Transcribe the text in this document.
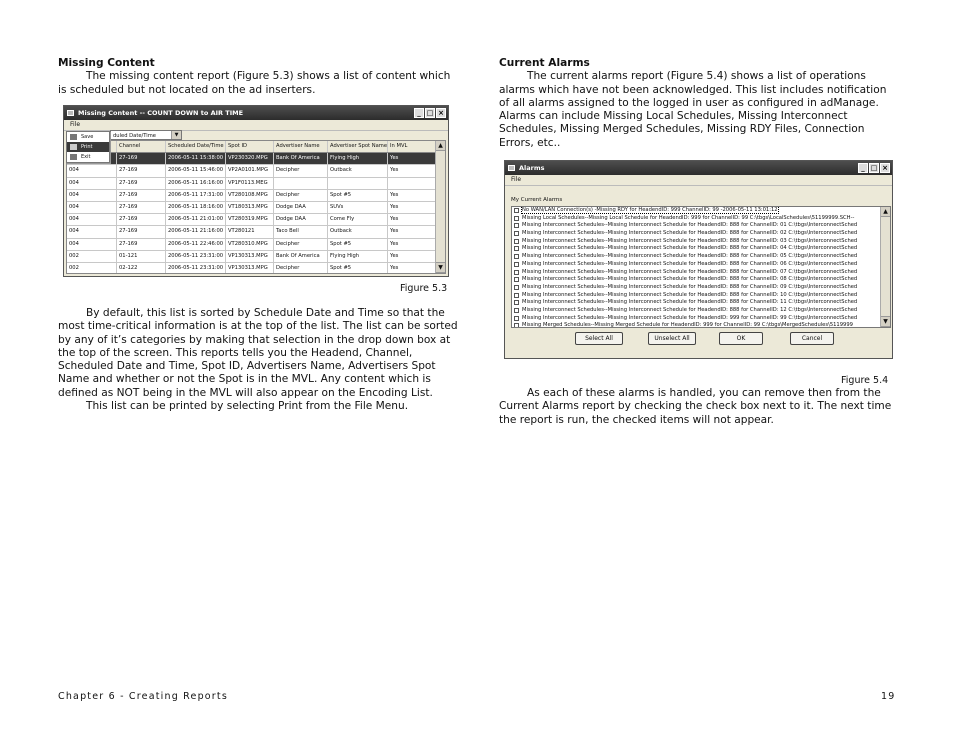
Missing Content

The missing content report (Figure 5.3) shows a list of content which is scheduled but not located on the ad inserters.

Missing Content -- COUNT DOWN to AIR TIME	_ □ ×
File
Save
Print
Exit
duled Date/Time	▼
Channel	Scheduled Date/Time Spot ID	Advertiser Name	Advertiser Spot Name In MVL
27-169	2006-05-11 15:38:00 VP230320.MPG	Bank Of America	Flying High	Yes
004	27-169	2006-05-11 15:46:00 VP2A0101.MPG	Decipher	Outback	Yes
004	27-169	2006-05-11 16:16:00 VP1F0113.MEG
004	27-169	2006-05-11 17:31:00 VT280108.MPG	Decipher	Spot #5	Yes
004	27-169	2006-05-11 18:16:00 VT180313.MPG	Dodge DAA	SUVs	Yes
004	27-169	2006-05-11 21:01:00 VT280319.MPG	Dodge DAA	Come Fly	Yes
004	27-169	2006-05-11 21:16:00 VT280121	Taco Bell	Outback	Yes
004	27-169	2006-05-11 22:46:00 VT280310.MPG	Decipher	Spot #5	Yes
002	01-121	2006-05-11 23:31:00 VP130313.MPG	Bank Of America	Flying High	Yes
002	02-122	2006-05-11 23:31:00 VP130313.MPG	Decipher	Spot #5	Yes
▲
▼
Figure 5.3

By default, this list is sorted by Schedule Date and Time so that the most time-critical information is at the top of the list. The list can be sorted by any of it’s categories by making that selection in the drop down box at the top of the screen. This reports tells you the Headend, Channel, Scheduled Date and Time, Spot ID, Advertisers Name, Advertisers Spot Name and whether or not the Spot is in the MVL. Any content which is defined as NOT being in the MVL will also appear on the Encoding List.

This list can be printed by selecting Print from the File Menu.

Current Alarms

The current alarms report (Figure 5.4) shows a list of operations alarms which have not been acknowledged. This list includes notification of all alarms assigned to the logged in user as configured in adManage. Alarms can include Missing Local Schedules, Missing Interconnect Schedules, Missing Merged Schedules, Missing RDY Files, Connection Errors, etc..

Alarms	_ □ ×
File
My Current Alarms
No WAN/LAN Connection(s) -Missing RDY for HeadendID: 999 ChannelID: 99 -2006-05-11 13:01:12
Missing Local Schedules--Missing Local Schedule for HeadendID: 999 for ChannelID: 99 C:\tbgs\LocalSchedules\51199999.SCH--
Missing Interconnect Schedules--Missing Interconnect Schedule for HeadendID: 888 for ChannelID: 01 C:\tbgs\InterconnectSched
Missing Interconnect Schedules--Missing Interconnect Schedule for HeadendID: 888 for ChannelID: 02 C:\tbgs\InterconnectSched
Missing Interconnect Schedules--Missing Interconnect Schedule for HeadendID: 888 for ChannelID: 03 C:\tbgs\InterconnectSched
Missing Interconnect Schedules--Missing Interconnect Schedule for HeadendID: 888 for ChannelID: 04 C:\tbgs\InterconnectSched
Missing Interconnect Schedules--Missing Interconnect Schedule for HeadendID: 888 for ChannelID: 05 C:\tbgs\InterconnectSched
Missing Interconnect Schedules--Missing Interconnect Schedule for HeadendID: 888 for ChannelID: 06 C:\tbgs\InterconnectSched
Missing Interconnect Schedules--Missing Interconnect Schedule for HeadendID: 888 for ChannelID: 07 C:\tbgs\InterconnectSched
Missing Interconnect Schedules--Missing Interconnect Schedule for HeadendID: 888 for ChannelID: 08 C:\tbgs\InterconnectSched
Missing Interconnect Schedules--Missing Interconnect Schedule for HeadendID: 888 for ChannelID: 09 C:\tbgs\InterconnectSched
Missing Interconnect Schedules--Missing Interconnect Schedule for HeadendID: 888 for ChannelID: 10 C:\tbgs\InterconnectSched
Missing Interconnect Schedules--Missing Interconnect Schedule for HeadendID: 888 for ChannelID: 11 C:\tbgs\InterconnectSched
Missing Interconnect Schedules--Missing Interconnect Schedule for HeadendID: 888 for ChannelID: 12 C:\tbgs\InterconnectSched
Missing Interconnect Schedules--Missing Interconnect Schedule for HeadendID: 999 for ChannelID: 99 C:\tbgs\InterconnectSched
Missing Merged Schedules--Missing Merged Schedule for HeadendID: 999 for ChannelID: 99 C:\tbgs\MergedSchedules\5119999
▲
▼
Select All	Unselect All	OK	Cancel
Figure 5.4

As each of these alarms is handled, you can remove then from the Current Alarms report by checking the check box next to it. The next time the report is run, the checked items will not appear.

Chapter 6 - Creating Reports	19
